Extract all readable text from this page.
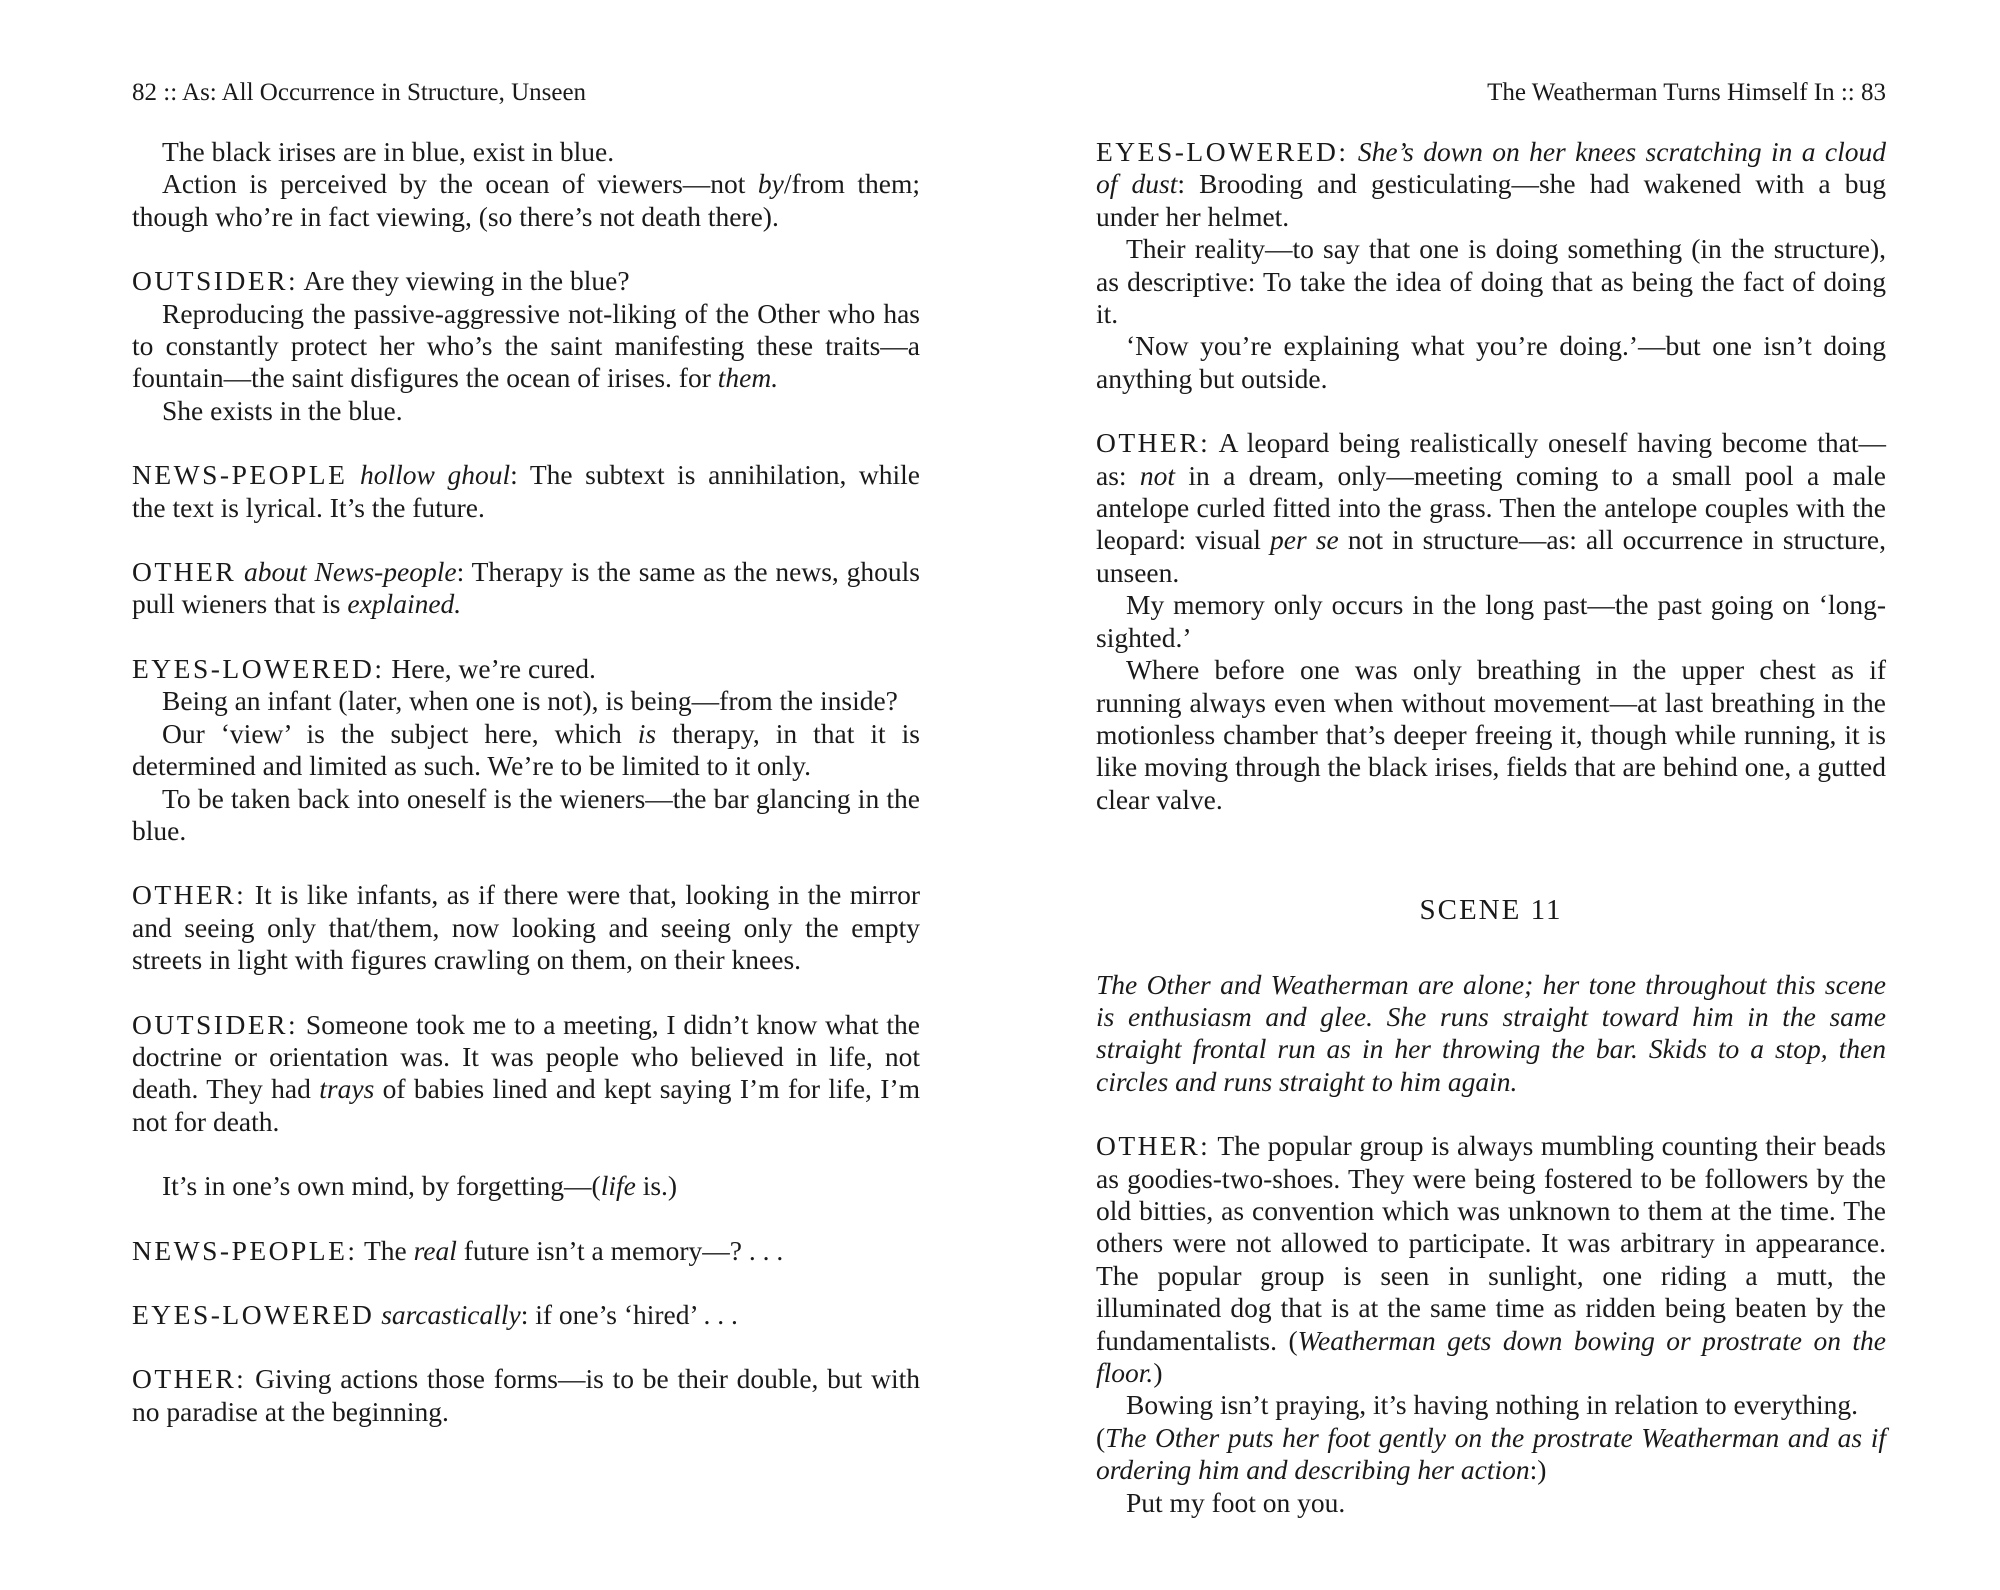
82 :: As: All Occurrence in Structure, Unseen

The black irises are in blue, exist in blue.

Action is perceived by the ocean of viewers—not by/from them; though who’re in fact viewing, (so there’s not death there).

OUTSIDER: Are they viewing in the blue?

Reproducing the passive-aggressive not-liking of the Other who has to constantly protect her who’s the saint manifesting these traits—a fountain—the saint disfigures the ocean of irises. for them.

She exists in the blue.

NEWS-PEOPLE hollow ghoul: The subtext is annihilation, while the text is lyrical. It’s the future.

OTHER about News-people: Therapy is the same as the news, ghouls pull wieners that is explained.

EYES-LOWERED: Here, we’re cured.

Being an infant (later, when one is not), is being—from the inside?

Our ‘view’ is the subject here, which is therapy, in that it is determined and limited as such. We’re to be limited to it only.

To be taken back into oneself is the wieners—the bar glancing in the blue.

OTHER: It is like infants, as if there were that, looking in the mirror and seeing only that/them, now looking and seeing only the empty streets in light with figures crawling on them, on their knees.

OUTSIDER: Someone took me to a meeting, I didn’t know what the doctrine or orientation was. It was people who believed in life, not death. They had trays of babies lined and kept saying I’m for life, I’m not for death.

It’s in one’s own mind, by forgetting—(life is.)

NEWS-PEOPLE: The real future isn’t a memory—? . . .

EYES-LOWERED sarcastically: if one’s ‘hired’ . . .

OTHER: Giving actions those forms—is to be their double, but with no paradise at the beginning.

The Weatherman Turns Himself In :: 83

EYES-LOWERED: She’s down on her knees scratching in a cloud of dust: Brooding and gesticulating—she had wakened with a bug under her helmet.

Their reality—to say that one is doing something (in the structure), as descriptive: To take the idea of doing that as being the fact of doing it.

‘Now you’re explaining what you’re doing.’—but one isn’t doing anything but outside.

OTHER: A leopard being realistically oneself having become that—as: not in a dream, only—meeting coming to a small pool a male antelope curled fitted into the grass. Then the antelope couples with the leopard: visual per se not in structure—as: all occurrence in structure, unseen.

My memory only occurs in the long past—the past going on ‘long-sighted.’

Where before one was only breathing in the upper chest as if running always even when without movement—at last breathing in the motionless chamber that’s deeper freeing it, though while running, it is like moving through the black irises, fields that are behind one, a gutted clear valve.

SCENE 11

The Other and Weatherman are alone; her tone throughout this scene is enthusiasm and glee. She runs straight toward him in the same straight frontal run as in her throwing the bar. Skids to a stop, then circles and runs straight to him again.

OTHER: The popular group is always mumbling counting their beads as goodies-two-shoes. They were being fostered to be followers by the old bitties, as convention which was unknown to them at the time. The others were not allowed to participate. It was arbitrary in appearance. The popular group is seen in sunlight, one riding a mutt, the illuminated dog that is at the same time as ridden being beaten by the fundamentalists. (Weatherman gets down bowing or prostrate on the floor.)

Bowing isn’t praying, it’s having nothing in relation to everything.

(The Other puts her foot gently on the prostrate Weatherman and as if ordering him and describing her action:)

Put my foot on you.
